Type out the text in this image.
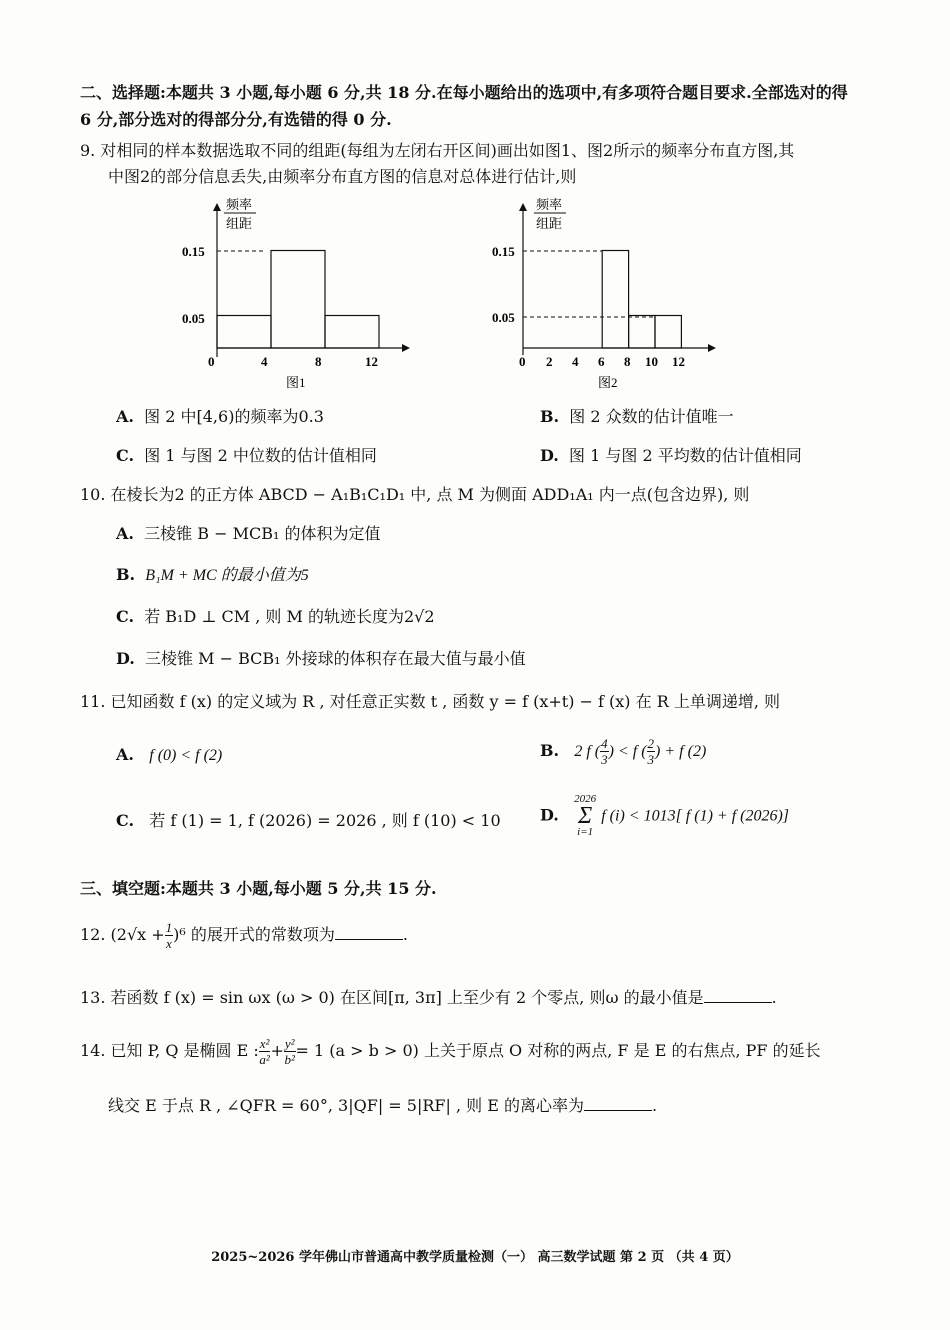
二、选择题:本题共 3 小题,每小题 6 分,共 18 分.在每小题给出的选项中,有多项符合题目要求.全部选对的得
6 分,部分选对的得部分分,有选错的得 0 分.
9. 对相同的样本数据选取不同的组距(每组为左闭右开区间)画出如图1、图2所示的频率分布直方图,其
中图2的部分信息丢失,由频率分布直方图的信息对总体进行估计,则
频率
组距
0.15
0.05
0	4	8	12
图1
频率
组距
0.15
0.05
0 2 4 6 8 10 12
图2
A. 图 2 中[4,6)的频率为0.3	B. 图 2 众数的估计值唯一
C. 图 1 与图 2 中位数的估计值相同	D. 图 1 与图 2 平均数的估计值相同
10. 在棱长为2 的正方体 ABCD − A₁B₁C₁D₁ 中, 点 M 为侧面 ADD₁A₁ 内一点(包含边界), 则
A. 三棱锥 B − MCB₁ 的体积为定值
B. B₁M + MC 的最小值为5
C. 若 B₁D ⊥ CM , 则 M 的轨迹长度为2√2
D. 三棱锥 M − BCB₁ 外接球的体积存在最大值与最小值
11. 已知函数 f (x) 的定义域为 R , 对任意正实数 t , 函数 y = f (x+t) − f (x) 在 R 上单调递增, 则
A. f (0) < f (2)	B. 2 f ( $\frac{4}{3}$ ) < f ( $\frac{2}{3}$ ) + f (2)
C. 若 f (1) = 1, f (2026) = 2026 , 则 f (10) < 10 D.   2026
Σ
i=1 f (i) < 1013[ f (1) + f (2026)]
三、填空题:本题共 3 小题,每小题 5 分,共 15 分.
12. $(2√x + \frac{1}{x} )^6$ 的展开式的常数项为	.
13. 若函数 f (x) = sin ωx (ω > 0) 在区间[π, 3π] 上至少有 2 个零点, 则ω 的最小值是	.
14. 已知 P, Q 是椭圆 E : $\frac{\text{x²}}{\text{a²}} + \frac{\text{y²}}{\text{b²}} = 1$ (a > b > 0) 上关于原点 O 对称的两点, F 是 E 的右焦点, PF 的延长
线交 E 于点 R , ∠QFR = 60°, 3|QF| = 5|RF| , 则 E 的离心率为	.
2025~2026 学年佛山市普通高中教学质量检测（一） 高三数学试题 第 2 页 （共 4 页）
